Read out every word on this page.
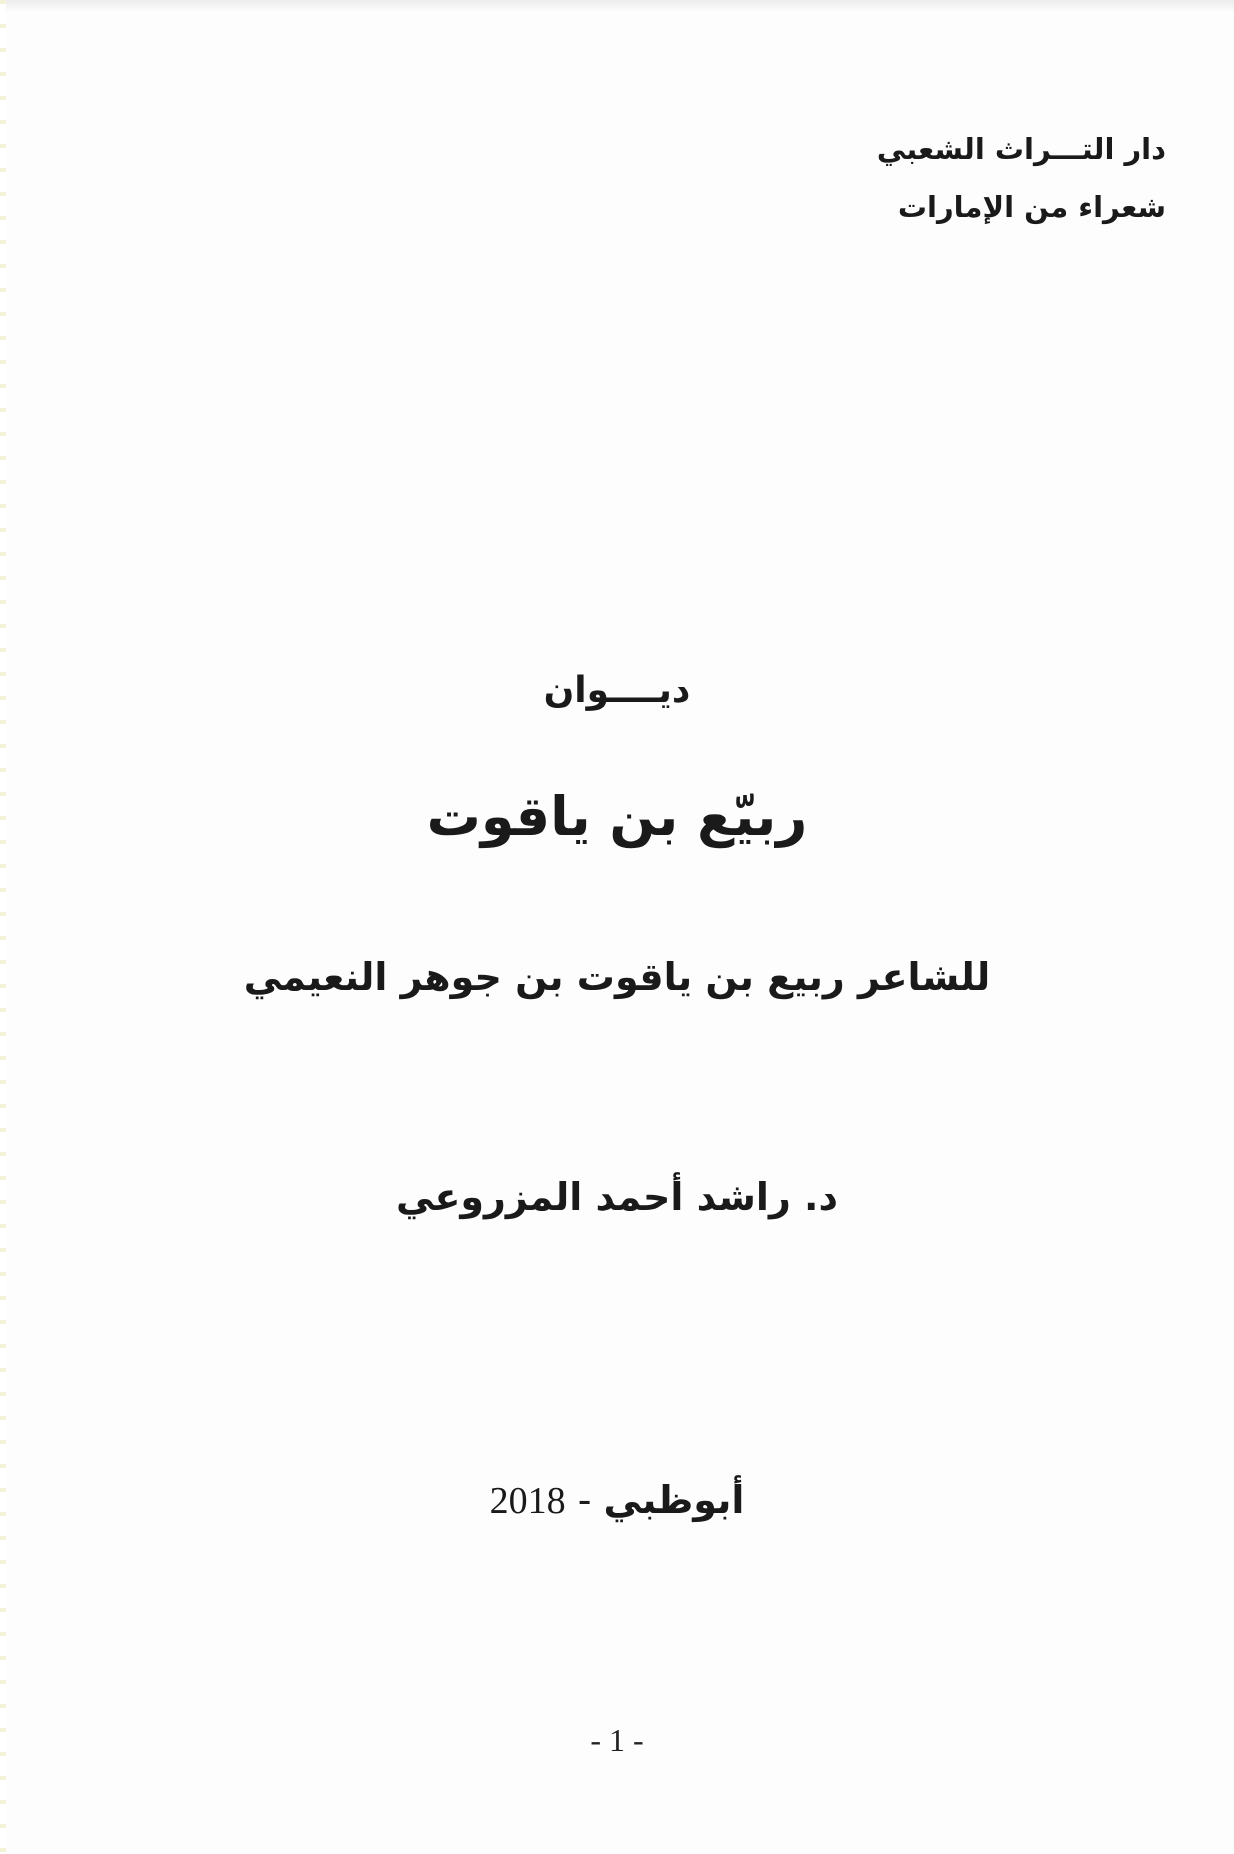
دار التـــراث الشعبي
شعراء من الإمارات
ديــــوان
ربيّع بن ياقوت
للشاعر ربيع بن ياقوت بن جوهر النعيمي
د. راشد أحمد المزروعي
أبوظبي - 2018
- 1 -
